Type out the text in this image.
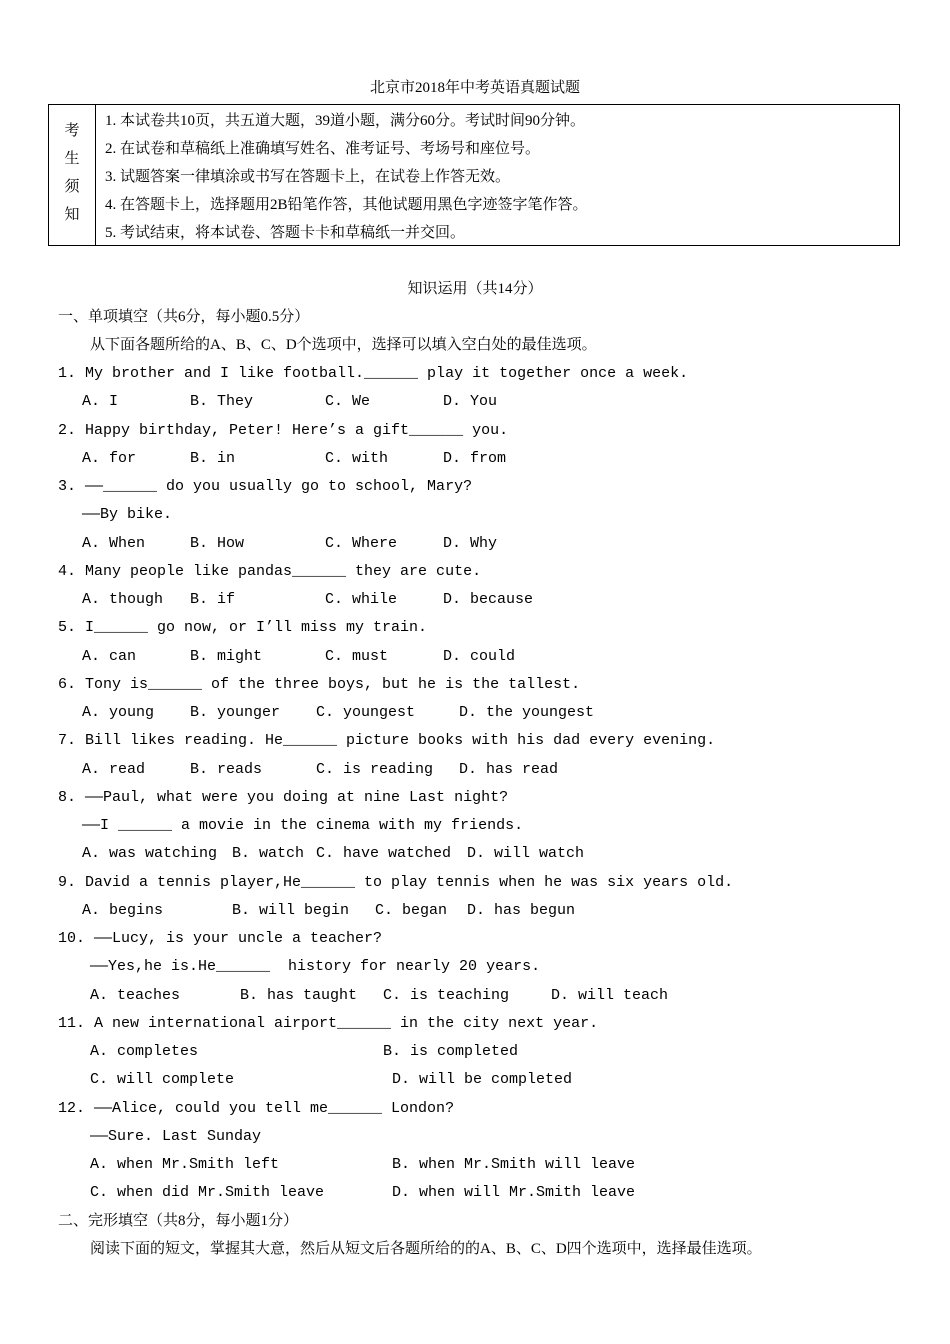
北京市2018年中考英语真题试题
考
生
须
知
1. 本试卷共10页，共五道大题，39道小题，满分60分。考试时间90分钟。
2. 在试卷和草稿纸上准确填写姓名、准考证号、考场号和座位号。
3. 试题答案一律填涂或书写在答题卡上，在试卷上作答无效。
4. 在答题卡上，选择题用2B铅笔作答，其他试题用黑色字迹签字笔作答。
5. 考试结束，将本试卷、答题卡卡和草稿纸一并交回。
知识运用（共14分）
一、单项填空（共6分，每小题0.5分）
从下面各题所给的A、B、C、D个选项中，选择可以填入空白处的最佳选项。
1. My brother and I like football.______ play it together once a week.
A. I	B. They	C. We	D. You
2. Happy birthday, Peter! Here’s a gift______ you.
A. for	B. in	C. with	D. from
3. ——______ do you usually go to school, Mary?
——By bike.
A. When	B. How	C. Where	D. Why
4. Many people like pandas______ they are cute.
A. though B. if	C. while	D. because
5. I______ go now, or I’ll miss my train.
A. can	B. might	C. must	D. could
6. Tony is______ of the three boys, but he is the tallest.
A. young B. younger C. youngest	D. the youngest
7. Bill likes reading. He______ picture books with his dad every evening.
A. read	B. reads	C. is reading D. has read
8. ——Paul, what were you doing at nine Last night?
——I ______ a movie in the cinema with my friends.
A. was watching B. watch C. have watched D. will watch
9. David a tennis player,He______ to play tennis when he was six years old.
A. begins	B. will begin C. began D. has begun
10. ——Lucy, is your uncle a teacher?
——Yes,he is.He______  history for nearly 20 years.
A. teaches	B. has taught C. is teaching	D. will teach
11. A new international airport______ in the city next year.
A. completes	B. is completed
C. will complete	D. will be completed
12. ——Alice, could you tell me______ London?
——Sure. Last Sunday
A. when Mr.Smith left	B. when Mr.Smith will leave
C. when did Mr.Smith leave	D. when will Mr.Smith leave
二、完形填空（共8分，每小题1分）
阅读下面的短文，掌握其大意，然后从短文后各题所给的的A、B、C、D四个选项中，选择最佳选项。
